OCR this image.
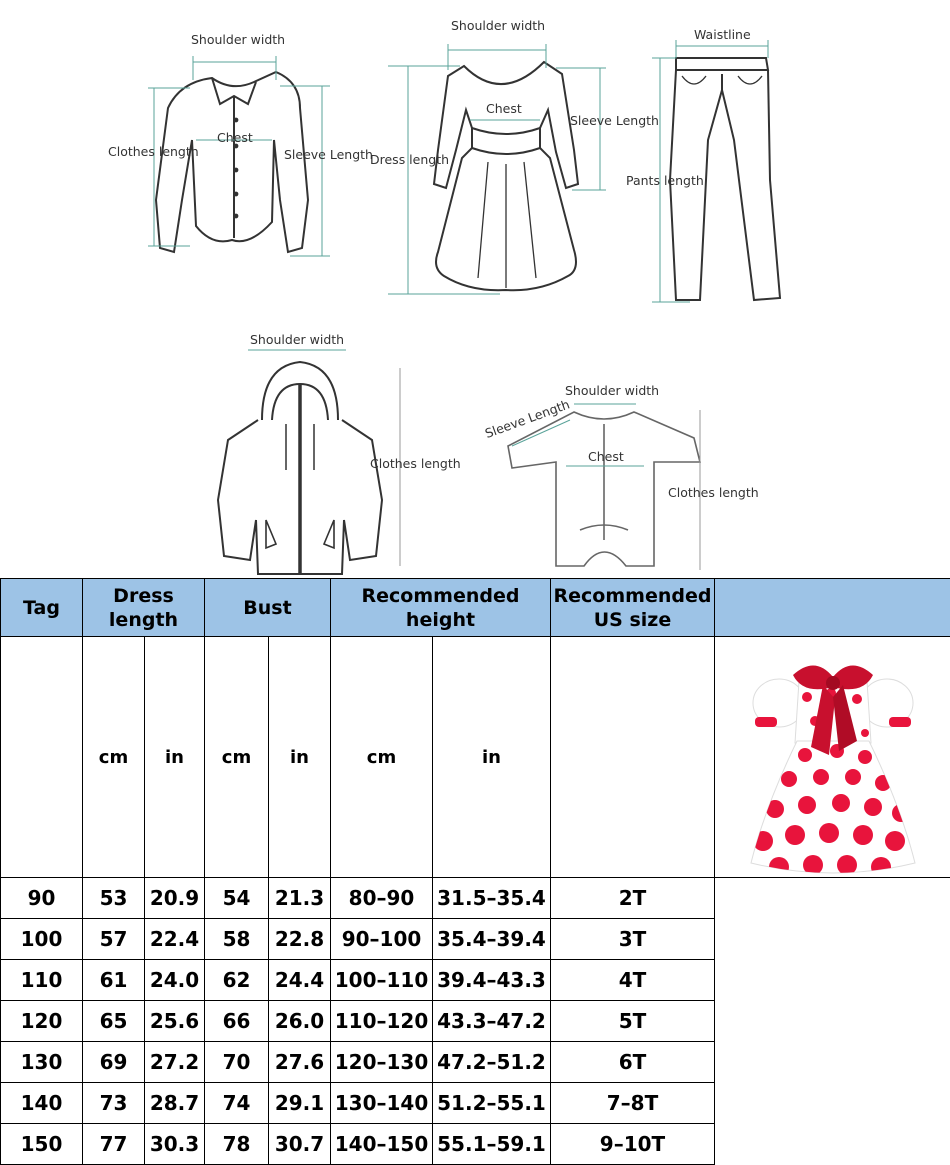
Shoulder width
Chest
Clothes length	Sleeve Length
Shoulder width
Chest
Dress length
Sleeve Length
Waistline
Pants length
Shoulder width
Clothes length
Shoulder width
Sleeve Length
Chest
Clothes length
Tag	Dress length		Bust		Recommended height		Recommended US size	
	cm	in	cm	in	cm	in		

90	53	20.9	54	21.3	80–90	31.5–35.4	2T	
100	57	22.4	58	22.8	90–100	35.4–39.4	3T	
110	61	24.0	62	24.4	100–110	39.4–43.3	4T	
120	65	25.6	66	26.0	110–120	43.3–47.2	5T	
130	69	27.2	70	27.6	120–130	47.2–51.2	6T	
140	73	28.7	74	29.1	130–140	51.2–55.1	7–8T	
150	77	30.3	78	30.7	140–150	55.1–59.1	9–10T	
